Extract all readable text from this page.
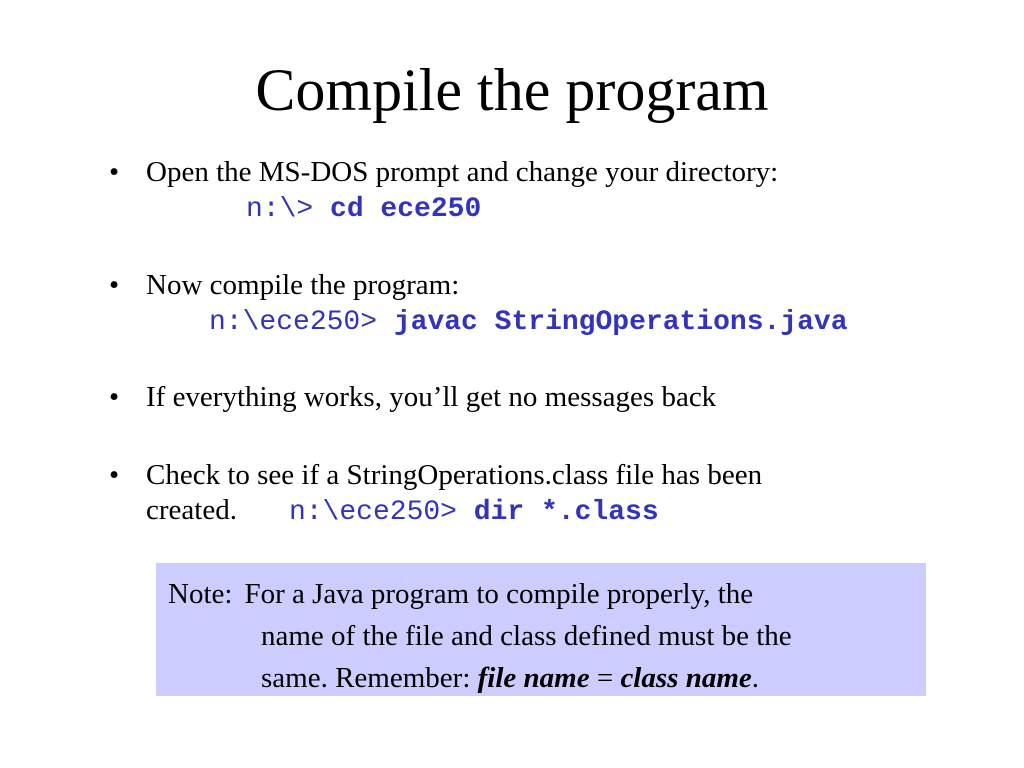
Compile the program
• Open the MS-DOS prompt and change your directory:
n:\> cd ece250
• Now compile the program:
n:\ece250> javac StringOperations.java
• If everything works, you’ll get no messages back
• Check to see if a StringOperations.class file has been
created. n:\ece250> dir *.class
Note: For a Java program to compile properly, the
name of the file and class defined must be the
same. Remember: file name = class name.
